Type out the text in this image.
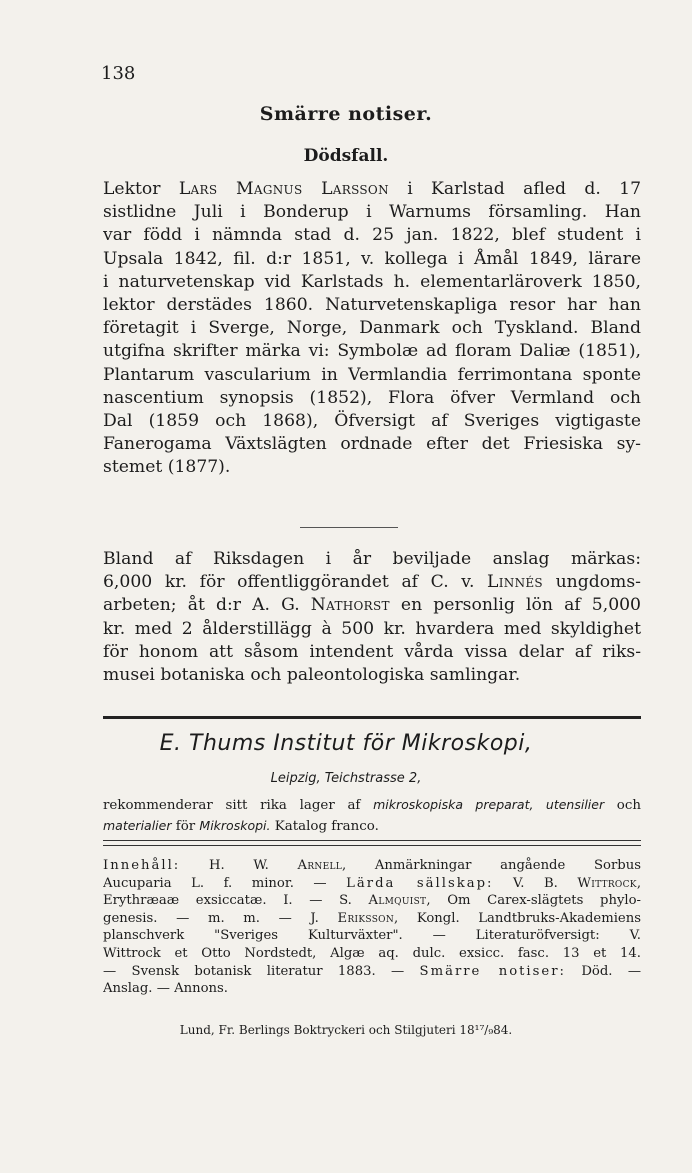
138
Smärre notiser.
Dödsfall.
Lektor Lars Magnus Larsson i Karlstad afled d. 17
sistlidne Juli i Bonderup i Warnums församling. Han
var född i nämnda stad d. 25 jan. 1822, blef student i
Upsala 1842, fil. d:r 1851, v. kollega i Åmål 1849, lärare
i naturvetenskap vid Karlstads h. elementarläroverk 1850,
lektor derstädes 1860. Naturvetenskapliga resor har han
företagit i Sverge, Norge, Danmark och Tyskland. Bland
utgifna skrifter märka vi: Symbolæ ad floram Daliæ (1851),
Plantarum vascularium in Vermlandia ferrimontana sponte
nascentium synopsis (1852), Flora öfver Vermland och
Dal (1859 och 1868), Öfversigt af Sveriges vigtigaste
Fanerogama Växtslägten ordnade efter det Friesiska sy-
stemet (1877).
Bland af Riksdagen i år beviljade anslag märkas:
6,000 kr. för offentliggörandet af C. v. Linnés ungdoms-
arbeten; åt d:r A. G. Nathorst en personlig lön af 5,000
kr. med 2 ålderstillägg à 500 kr. hvardera med skyldighet
för honom att såsom intendent vårda vissa delar af riks-
musei botaniska och paleontologiska samlingar.
E. Thums Institut för Mikroskopi,
Leipzig, Teichstrasse 2,
rekommenderar sitt rika lager af mikroskopiska preparat, utensilier och
materialier för Mikroskopi. Katalog franco.
Innehåll: H. W. Arnell, Anmärkningar angående Sorbus
Aucuparia L. f. minor. — Lärda sällskap: V. B. Wittrock,
Erythræaæ exsiccatæ. I. — S. Almquist, Om Carex-slägtets phylo-
genesis. — m. m. — J. Eriksson, Kongl. Landtbruks-Akademiens
planschverk "Sveriges Kulturväxter". — Literaturöfversigt: V.
Wittrock et Otto Nordstedt, Algæ aq. dulc. exsicc. fasc. 13 et 14.
— Svensk botanisk literatur 1883. — Smärre notiser: Död. —
Anslag. — Annons.
Lund, Fr. Berlings Boktryckeri och Stilgjuteri 18¹⁷/₉84.
